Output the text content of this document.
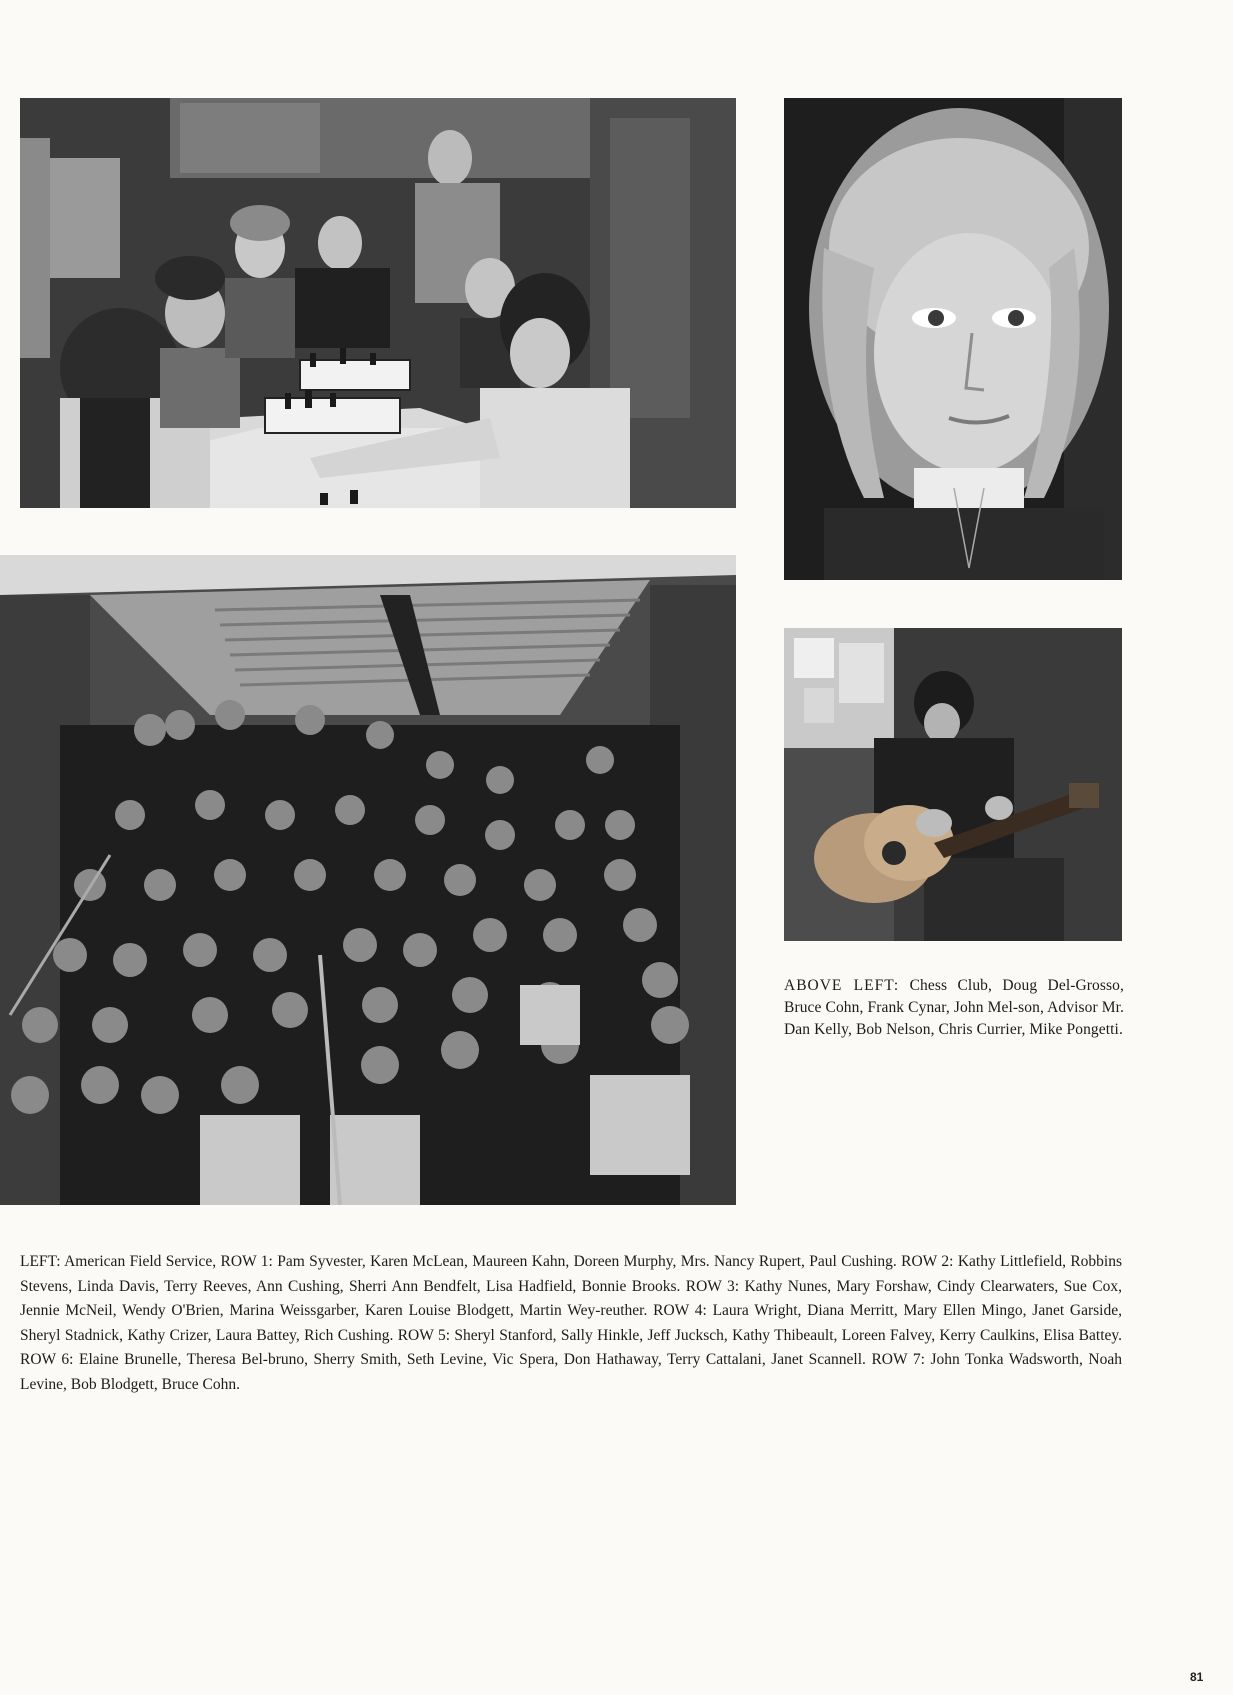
ABOVE LEFT: Chess Club, Doug Del-Grosso, Bruce Cohn, Frank Cynar, John Mel-son, Advisor Mr. Dan Kelly, Bob Nelson, Chris Currier, Mike Pongetti.
LEFT: American Field Service, ROW 1: Pam Syvester, Karen McLean, Maureen Kahn, Doreen Murphy, Mrs. Nancy Rupert, Paul Cushing. ROW 2: Kathy Littlefield, Robbins Stevens, Linda Davis, Terry Reeves, Ann Cushing, Sherri Ann Bendfelt, Lisa Hadfield, Bonnie Brooks. ROW 3: Kathy Nunes, Mary Forshaw, Cindy Clearwaters, Sue Cox, Jennie McNeil, Wendy O'Brien, Marina Weissgarber, Karen Louise Blodgett, Martin Wey-reuther. ROW 4: Laura Wright, Diana Merritt, Mary Ellen Mingo, Janet Garside, Sheryl Stadnick, Kathy Crizer, Laura Battey, Rich Cushing. ROW 5: Sheryl Stanford, Sally Hinkle, Jeff Jucksch, Kathy Thibeault, Loreen Falvey, Kerry Caulkins, Elisa Battey. ROW 6: Elaine Brunelle, Theresa Bel-bruno, Sherry Smith, Seth Levine, Vic Spera, Don Hathaway, Terry Cattalani, Janet Scannell. ROW 7: John Tonka Wadsworth, Noah Levine, Bob Blodgett, Bruce Cohn.
81
